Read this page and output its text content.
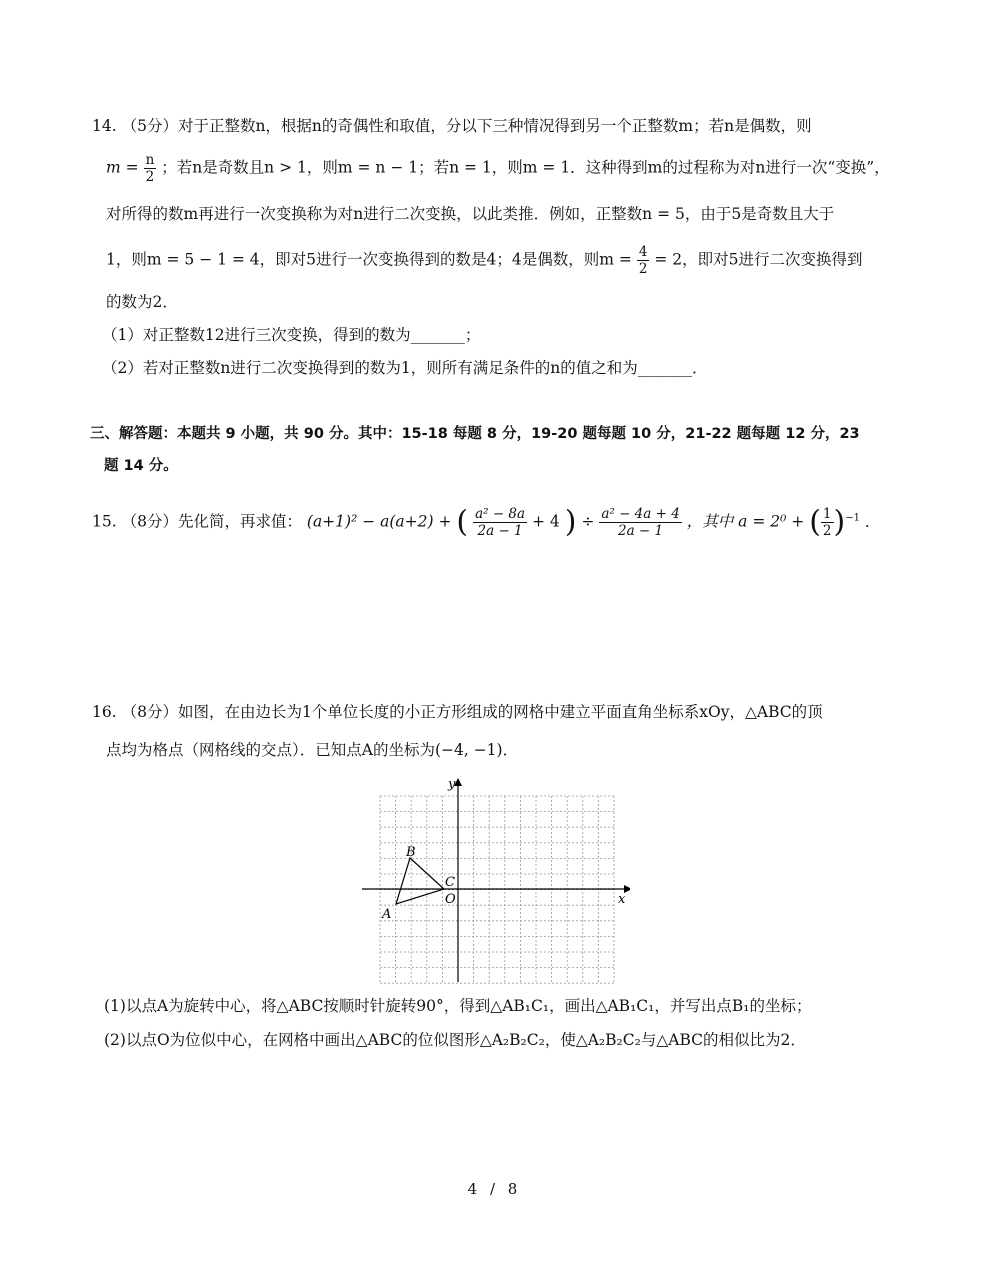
14. （5分）对于正整数n，根据n的奇偶性和取值，分以下三种情况得到另一个正整数m；若n是偶数，则
$m = \frac{n}{2}$ ；若n是奇数且n > 1，则m = n − 1；若n = 1，则m = 1．这种得到m的过程称为对n进行一次“变换”，
对所得的数m再进行一次变换称为对n进行二次变换，以此类推．例如，正整数n = 5，由于5是奇数且大于
1，则m = 5 − 1 = 4，即对5进行一次变换得到的数是4；4是偶数，则$m = \frac{4}{2} = 2$，即对5进行二次变换得到
的数为2．
（1）对正整数12进行三次变换，得到的数为_______；
（2）若对正整数n进行二次变换得到的数为1，则所有满足条件的n的值之和为_______．
三、解答题：本题共 9 小题，共 90 分。其中：15-18 每题 8 分，19-20 题每题 10 分，21-22 题每题 12 分，23
题 14 分。
15. （8分）先化简，再求值： (a+1)² − a(a+2) + ( $\frac{\text{a² − 8a}}{2a - 1} + 4$ ) ÷ $\frac{\text{a² − 4a + 4}}{2a - 1}$ ，其中 a = 2⁰ + ( $\frac{1}{2} )^{-1}$ ．
16. （8分）如图，在由边长为1个单位长度的小正方形组成的网格中建立平面直角坐标系xOy，△ABC的顶
点均为格点（网格线的交点）．已知点A的坐标为(−4, −1)．
x
y
O
A
B
C
(1)以点A为旋转中心，将△ABC按顺时针旋转90°，得到△AB₁C₁，画出△AB₁C₁，并写出点B₁的坐标；
(2)以点O为位似中心，在网格中画出△ABC的位似图形△A₂B₂C₂，使△A₂B₂C₂与△ABC的相似比为2．
4 / 8
